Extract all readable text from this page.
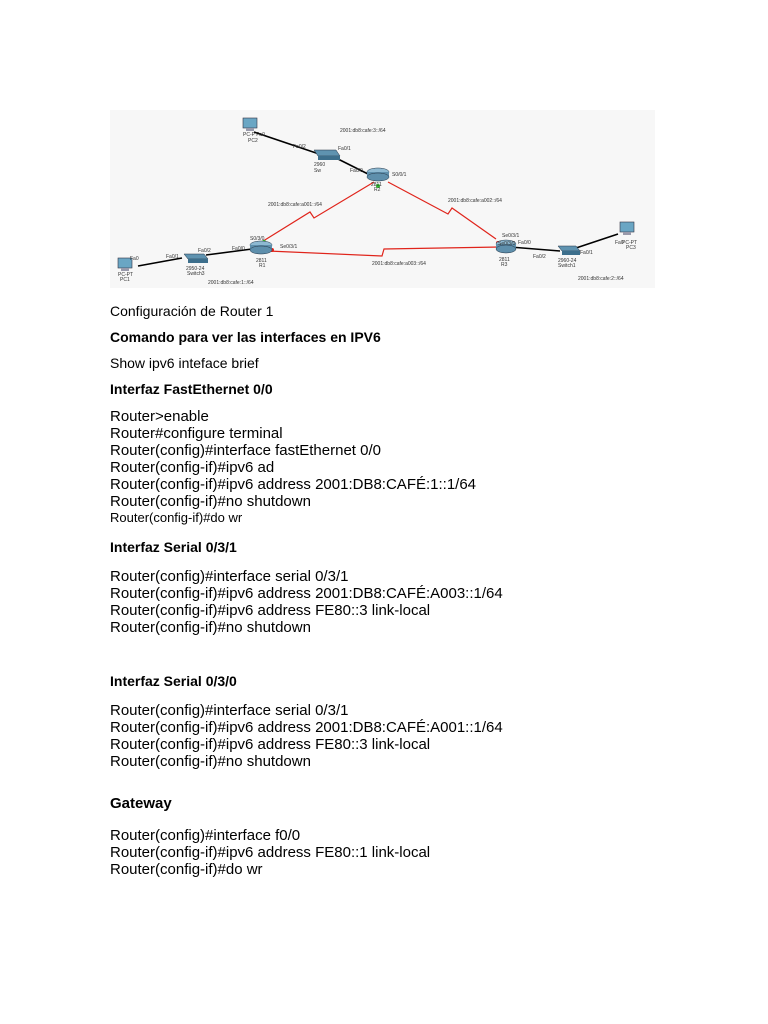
PC-P Fa0
PC2
Fa0/2	Fa0/1
2960
Sw
2001:db8:cafe:3::/64
Fa0/0
S0/0/1
2811
R2
2001:db8:cafe:a001::/64
2001:db8:cafe:a002::/64
S0/3/0
Se0/3/1
Fa0/0
2811
R1
Fa0/1
Fa0/2
2950-24
Switch3
Fa0
PC-PT
PC1	2001:db8:cafe:1::/64
2001:db8:cafe:a003::/64
Se0/3/1
Se0/3/0 Fa0/0
2811
R3
Fa0/2
Fa0/1
2960-24
Switch1
Fa0
PC-PT
PC3
2001:db8:cafe:2::/64

Configuración de Router 1

Comando para ver las interfaces en IPV6

Show ipv6 inteface brief

Interfaz FastEthernet 0/0

Router>enable

Router#configure terminal

Router(config)#interface fastEthernet 0/0

Router(config-if)#ipv6 ad

Router(config-if)#ipv6 address 2001:DB8:CAFÉ:1::1/64

Router(config-if)#no shutdown

Router(config-if)#do wr

Interfaz Serial 0/3/1

Router(config)#interface serial 0/3/1

Router(config-if)#ipv6 address 2001:DB8:CAFÉ:A003::1/64

Router(config-if)#ipv6 address FE80::3 link-local

Router(config-if)#no shutdown

Interfaz Serial 0/3/0

Router(config)#interface serial 0/3/1

Router(config-if)#ipv6 address 2001:DB8:CAFÉ:A001::1/64

Router(config-if)#ipv6 address FE80::3 link-local

Router(config-if)#no shutdown

Gateway

Router(config)#interface f0/0

Router(config-if)#ipv6 address FE80::1 link-local

Router(config-if)#do wr
